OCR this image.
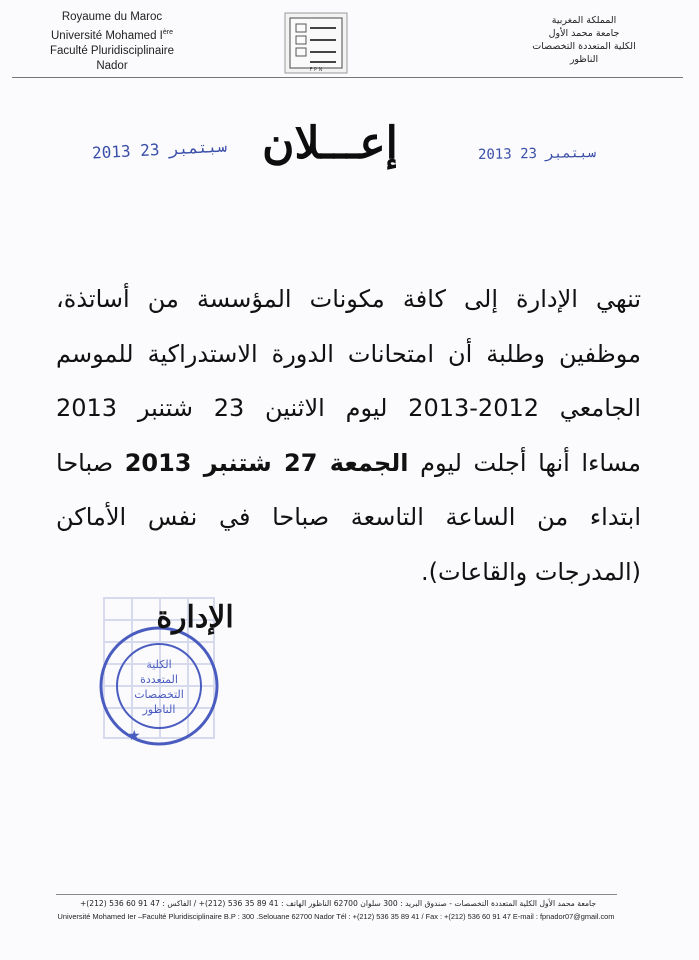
Royaume du Maroc
Université Mohamed Ière
Faculté Pluridisciplinaire
Nador	F P N
المملكة المغربية
جامعة محمد الأول
الكلية المتعددة التخصصات
الناظور
2013 سبتمبر 23	2013 سبتمبر 23
إعـــلان
تنهي الإدارة إلى كافة مكونات المؤسسة من أساتذة،
موظفين وطلبة أن امتحانات الدورة الاستدراكية للموسم
الجامعي 2012-2013 ليوم الاثنين 23 شتنبر 2013
مساءا أنها أجلت ليوم الجمعة 27 شتنبر 2013 صباحا
ابتداء من الساعة التاسعة صباحا في نفس الأماكن
(المدرجات والقاعات).
الكلية
المتعددة
التخصصات
الناظور
★
الإدارة
جامعة محمد الأول الكلية المتعددة التخصصات - صندوق البريد : 300 سلوان 62700 الناظور الهاتف : 41 89 35 536 (212)+ / الفاكس : 47 91 60 536 (212)+
Université Mohamed Ier –Faculté Pluridisciplinaire B.P : 300 .Selouane 62700 Nador Tél : +(212) 536 35 89 41 / Fax : +(212) 536 60 91 47 E-mail : fpnador07@gmail.com
